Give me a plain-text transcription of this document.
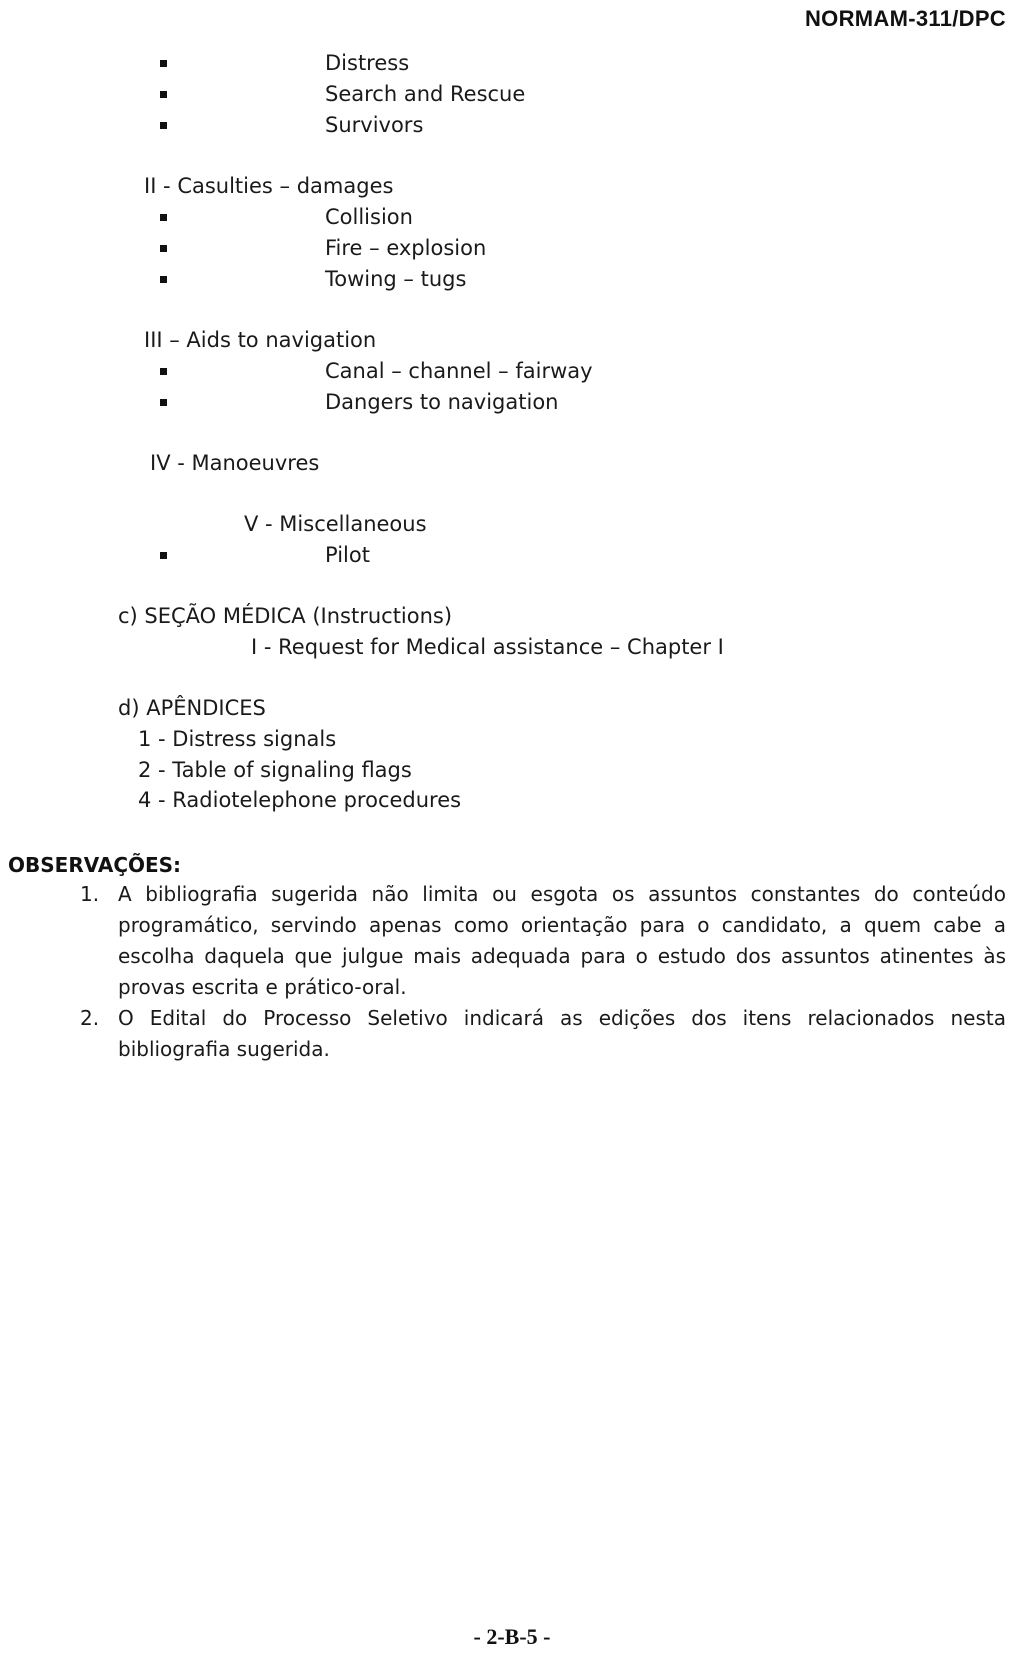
NORMAM-311/DPC
Distress
Search and Rescue
Survivors
II - Casulties – damages
Collision
Fire – explosion
Towing – tugs
III – Aids to navigation
Canal – channel – fairway
Dangers to navigation
IV - Manoeuvres
V - Miscellaneous
Pilot
c) SEÇÃO MÉDICA (Instructions)
I - Request for Medical assistance – Chapter I
d) APÊNDICES
1 - Distress signals
2 - Table of signaling flags
4 - Radiotelephone procedures
OBSERVAÇÕES:
1. A bibliografia sugerida não limita ou esgota os assuntos constantes do conteúdo programático, servindo apenas como orientação para o candidato, a quem cabe a escolha daquela que julgue mais adequada para o estudo dos assuntos atinentes às provas escrita e prático-oral.
2. O Edital do Processo Seletivo indicará as edições dos itens relacionados nesta bibliografia sugerida.
- 2-B-5 -
